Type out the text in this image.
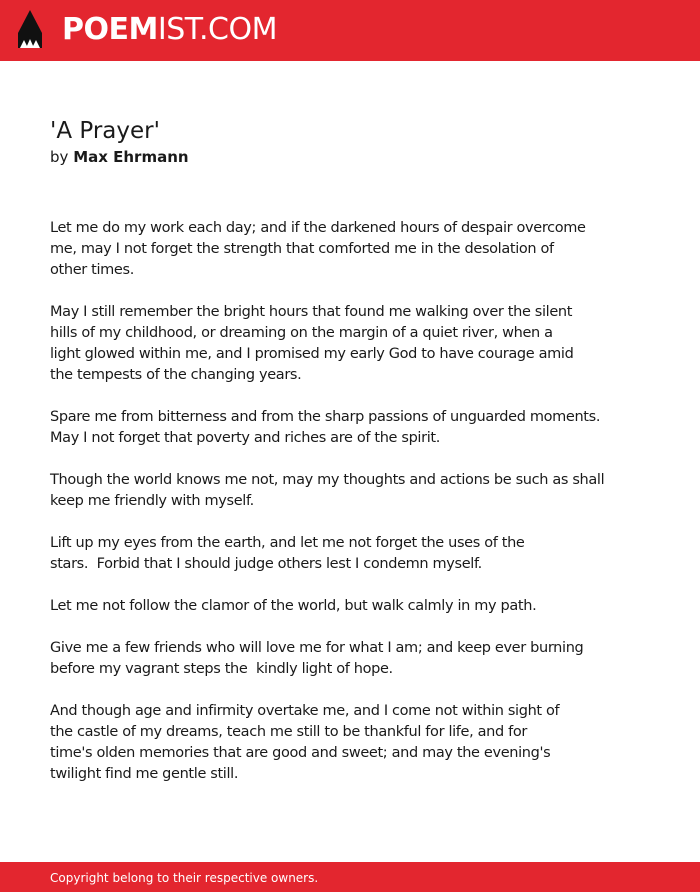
POEMIST.COM
'A Prayer'

by Max Ehrmann

Let me do my work each day; and if the darkened hours of despair overcome
me, may I not forget the strength that comforted me in the desolation of
other times.

May I still remember the bright hours that found me walking over the silent
hills of my childhood, or dreaming on the margin of a quiet river, when a
light glowed within me, and I promised my early God to have courage amid
the tempests of the changing years.

Spare me from bitterness and from the sharp passions of unguarded moments.
May I not forget that poverty and riches are of the spirit.

Though the world knows me not, may my thoughts and actions be such as shall
keep me friendly with myself.

Lift up my eyes from the earth, and let me not forget the uses of the
stars.  Forbid that I should judge others lest I condemn myself.

Let me not follow the clamor of the world, but walk calmly in my path.

Give me a few friends who will love me for what I am; and keep ever burning
before my vagrant steps the  kindly light of hope.

And though age and infirmity overtake me, and I come not within sight of
the castle of my dreams, teach me still to be thankful for life, and for
time's olden memories that are good and sweet; and may the evening's
twilight find me gentle still.

Copyright belong to their respective owners.
